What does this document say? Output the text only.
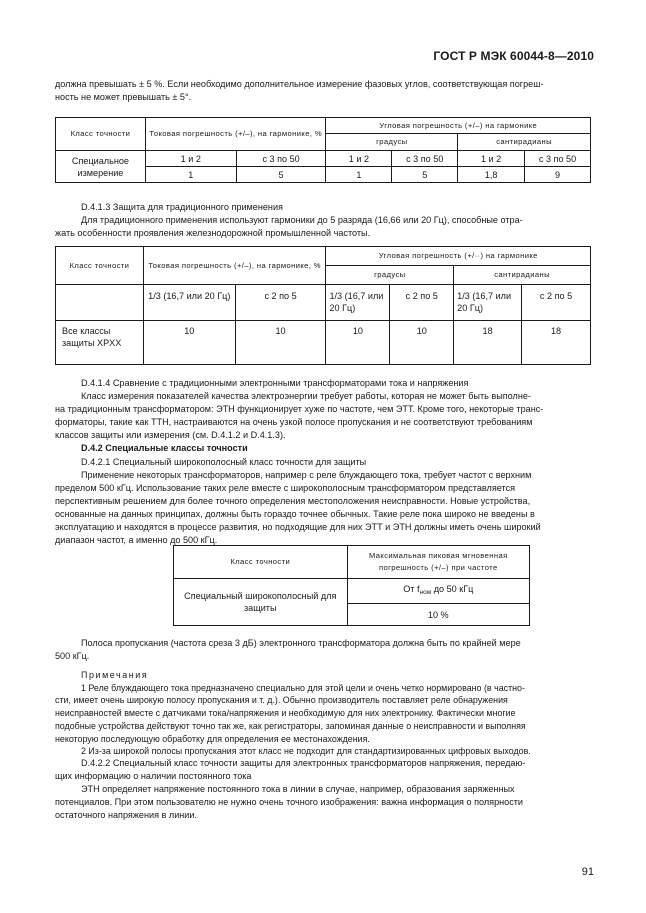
ГОСТ Р МЭК 60044-8—2010
должна превышать ± 5 %. Если необходимо дополнительное измерение фазовых углов, соответствующая погреш-
ность не может превышать ± 5°.
Класс точности	Токовая погрешность (+/–), на гармонике, %		Угловая погрешность (+/–) на гармонике			
			градусы		сантирадианы	
Специальное измерение	1 и 2	с 3 по 50	1 и 2	с 3 по 50	1 и 2	с 3 по 50
	1	5	1	5	1,8	9
D.4.1.3 Защита для традиционного применения
Для традиционного применения используют гармоники до 5 разряда (16,66 или 20 Гц), способные отра-
жать особенности проявления железнодорожной промышленной частоты.
Класс точности	Токовая погрешность (+/–), на гармонике, %		Угловая погрешность (+/··) на гармонике			
			градусы		сантирадианы	
	1/3 (16,7 или 20 Гц)	с 2 по 5	1/3 (16,7 или 20 Гц)	с 2 по 5	1/3 (16,7 или 20 Гц)	с 2 по 5
Все классы защиты XPXX	10	10	10	10	18	18
D.4.1.4 Сравнение с традиционными электронными трансформаторами тока и напряжения
Класс измерения показателей качества электроэнергии требует работы, которая не может быть выполне-
на традиционным трансформатором: ЭТН функционирует хуже по частоте, чем ЭТТ. Кроме того, некоторые транс-
форматоры, такие как ТТН, настраиваются на очень узкой полосе пропускания и не соответствуют требованиям
классов защиты или измерения (см. D.4.1.2 и D.4.1.3).
D.4.2 Специальные классы точности
D.4.2.1 Специальный широкополосный класс точности для защиты
Применение некоторых трансформаторов, например с реле блуждающего тока, требует частот с верхним
пределом 500 кГц. Использование таких реле вместе с широкополосным трансформатором представляется
перспективным решением для более точного определения местоположения неисправности. Новые устройства,
основанные на данных принципах, должны быть гораздо точнее обычных. Такие реле пока широко не введены в
эксплуатацию и находятся в процессе развития, но подходящие для них ЭТТ и ЭТН должны иметь очень широкий
диапазон частот, а именно до 500 кГц.
Класс точности	Максимальная пиковая мгновенная погрешность (+/–) при частоте
Специальный широкополосный для защиты	От $f_{ном}$ до 50 кГц
	10 %
Полоса пропускания (частота среза 3 дБ) электронного трансформатора должна быть по крайней мере
500 кГц.
Примечания
1 Реле блуждающего тока предназначено специально для этой цели и очень четко нормировано (в частно-
сти, имеет очень широкую полосу пропускания и т. д.). Обычно производитель поставляет реле обнаружения
неисправностей вместе с датчиками тока/напряжения и необходимую для них электронику. Фактически многие
подобные устройства действуют точно так же, как регистраторы, запоминая данные о неисправности и выполняя
некоторую последующую обработку для определения ее местонахождения.
2 Из-за широкой полосы пропускания этот класс не подходит для стандартизированных цифровых выходов.
D.4.2.2 Специальный класс точности защиты для электронных трансформаторов напряжения, передаю-
щих информацию о наличии постоянного тока
ЭТН определяет напряжение постоянного тока в линии в случае, например, образования заряженных
потенциалов. При этом пользователю не нужно очень точного изображения: важна информация о полярности
остаточного напряжения в линии.
91
